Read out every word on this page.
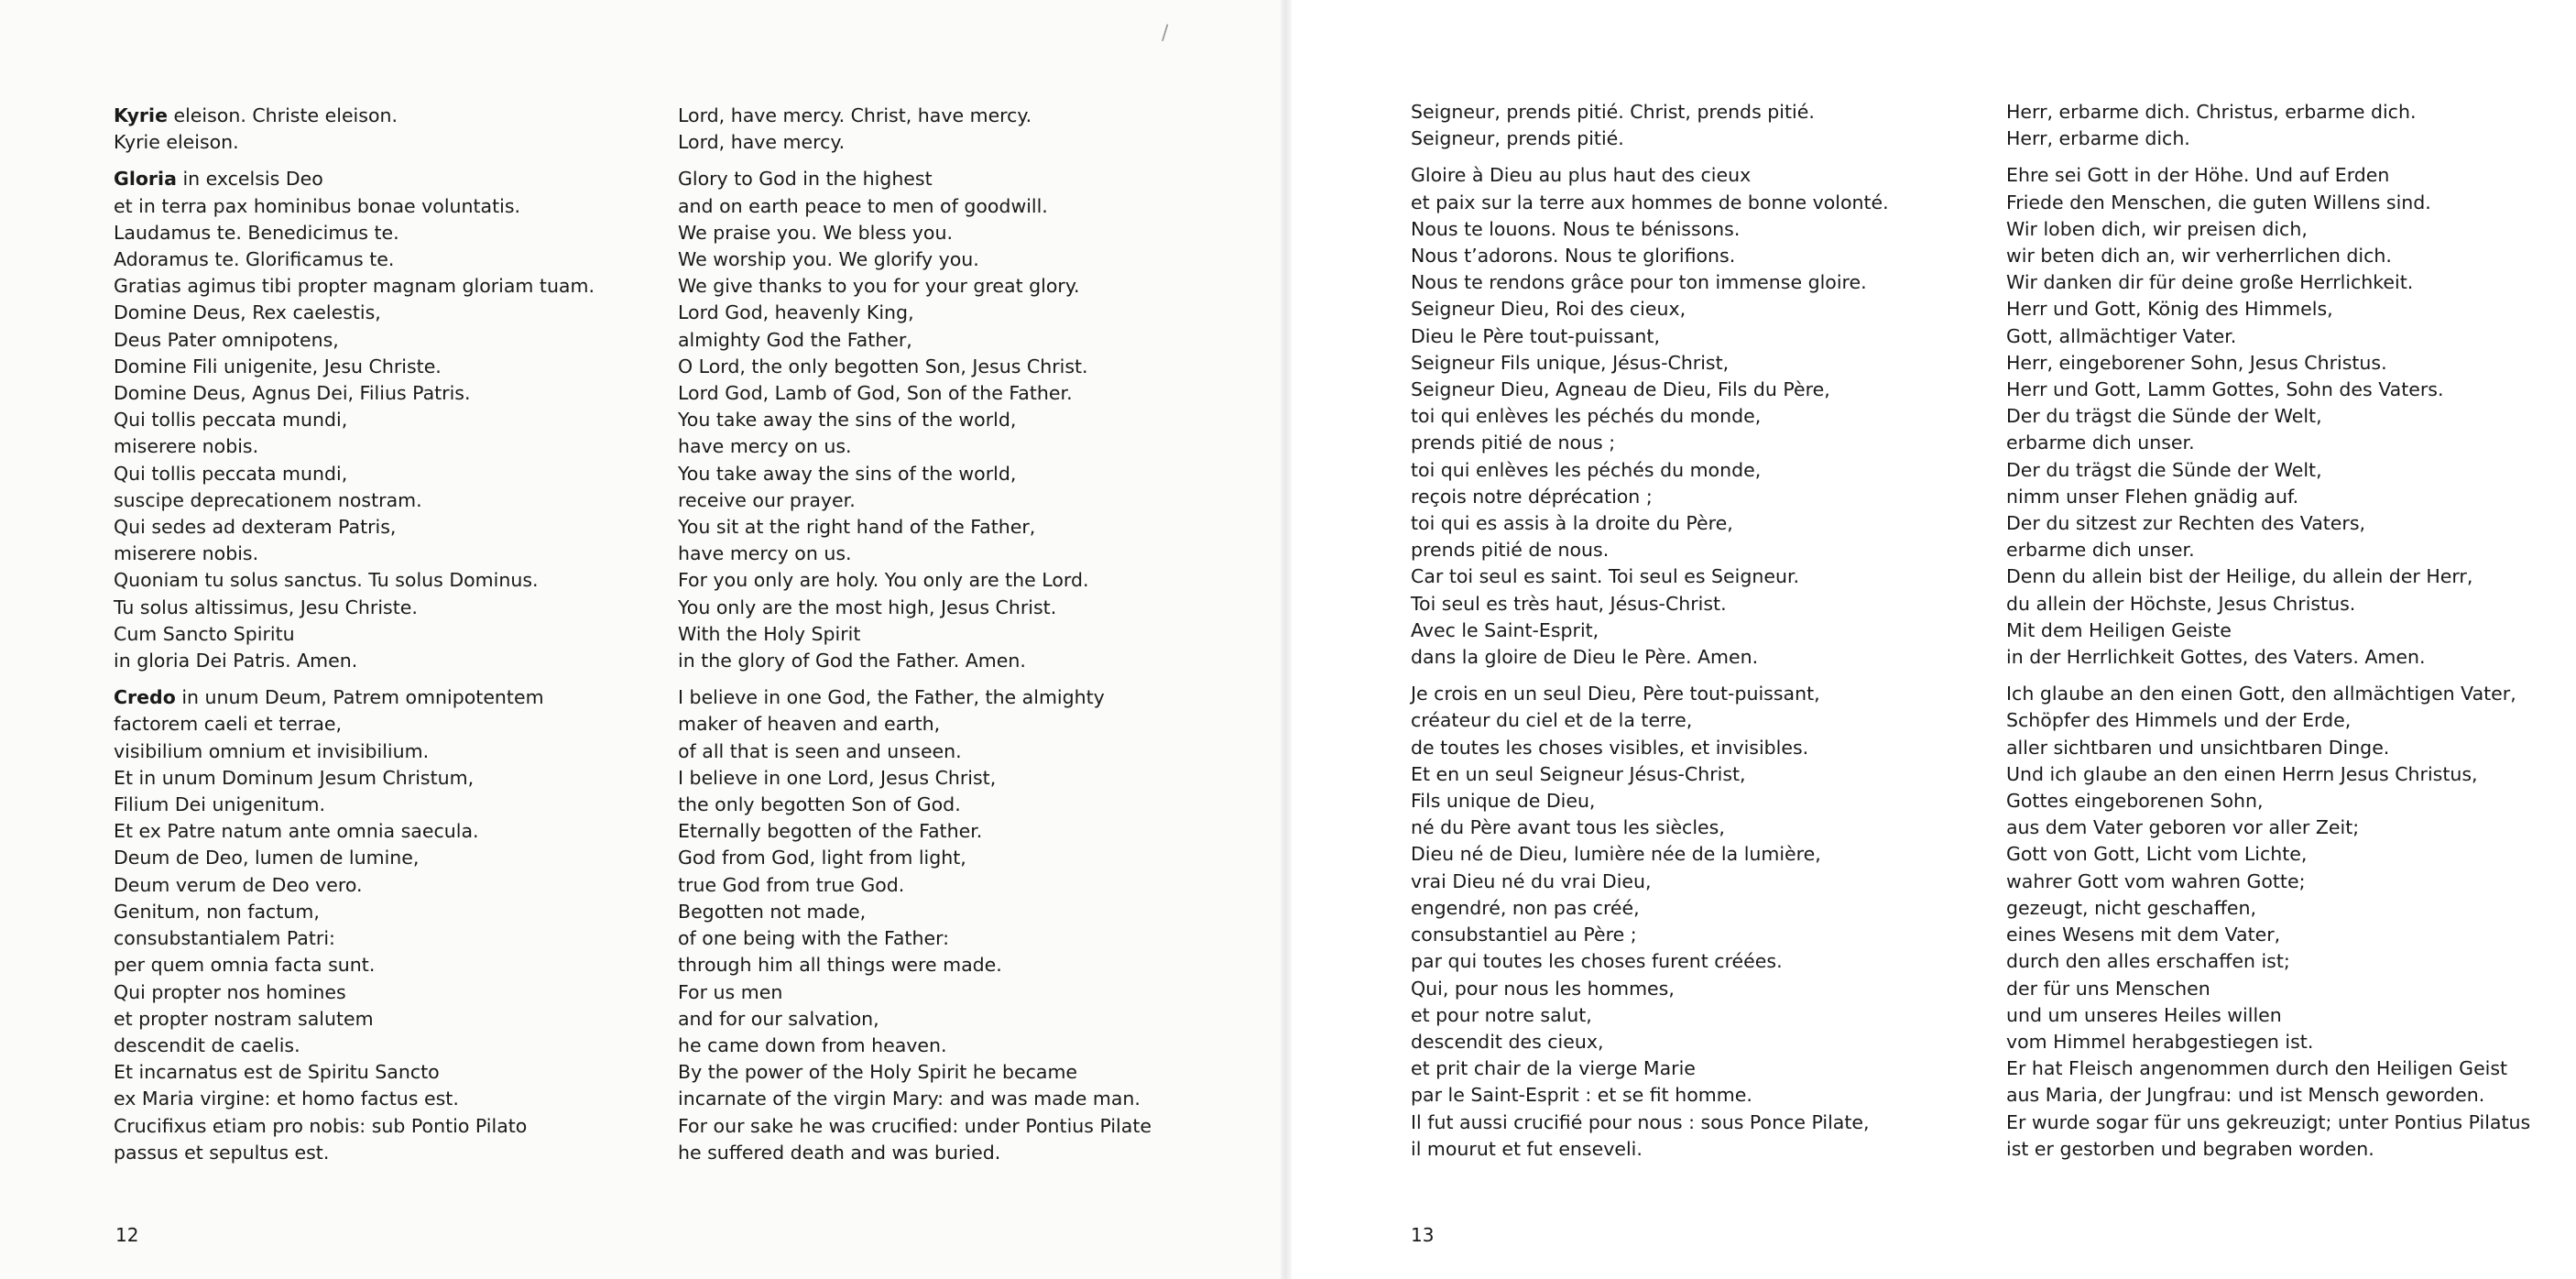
Kyrie eleison. Christe eleison.
Kyrie eleison.
Gloria in excelsis Deo
et in terra pax hominibus bonae voluntatis.
Laudamus te. Benedicimus te.
Adoramus te. Glorificamus te.
Gratias agimus tibi propter magnam gloriam tuam.
Domine Deus, Rex caelestis,
Deus Pater omnipotens,
Domine Fili unigenite, Jesu Christe.
Domine Deus, Agnus Dei, Filius Patris.
Qui tollis peccata mundi,
miserere nobis.
Qui tollis peccata mundi,
suscipe deprecationem nostram.
Qui sedes ad dexteram Patris,
miserere nobis.
Quoniam tu solus sanctus. Tu solus Dominus.
Tu solus altissimus, Jesu Christe.
Cum Sancto Spiritu
in gloria Dei Patris. Amen.
Credo in unum Deum, Patrem omnipotentem
factorem caeli et terrae,
visibilium omnium et invisibilium.
Et in unum Dominum Jesum Christum,
Filium Dei unigenitum.
Et ex Patre natum ante omnia saecula.
Deum de Deo, lumen de lumine,
Deum verum de Deo vero.
Genitum, non factum,
consubstantialem Patri:
per quem omnia facta sunt.
Qui propter nos homines
et propter nostram salutem
descendit de caelis.
Et incarnatus est de Spiritu Sancto
ex Maria virgine: et homo factus est.
Crucifixus etiam pro nobis: sub Pontio Pilato
passus et sepultus est.
Lord, have mercy. Christ, have mercy.
Lord, have mercy.
Glory to God in the highest
and on earth peace to men of goodwill.
We praise you. We bless you.
We worship you. We glorify you.
We give thanks to you for your great glory.
Lord God, heavenly King,
almighty God the Father,
O Lord, the only begotten Son, Jesus Christ.
Lord God, Lamb of God, Son of the Father.
You take away the sins of the world,
have mercy on us.
You take away the sins of the world,
receive our prayer.
You sit at the right hand of the Father,
have mercy on us.
For you only are holy. You only are the Lord.
You only are the most high, Jesus Christ.
With the Holy Spirit
in the glory of God the Father. Amen.
I believe in one God, the Father, the almighty
maker of heaven and earth,
of all that is seen and unseen.
I believe in one Lord, Jesus Christ,
the only begotten Son of God.
Eternally begotten of the Father.
God from God, light from light,
true God from true God.
Begotten not made,
of one being with the Father:
through him all things were made.
For us men
and for our salvation,
he came down from heaven.
By the power of the Holy Spirit he became
incarnate of the virgin Mary: and was made man.
For our sake he was crucified: under Pontius Pilate
he suffered death and was buried.
12
/
Seigneur, prends pitié. Christ, prends pitié.
Seigneur, prends pitié.
Gloire à Dieu au plus haut des cieux
et paix sur la terre aux hommes de bonne volonté.
Nous te louons. Nous te bénissons.
Nous t’adorons. Nous te glorifions.
Nous te rendons grâce pour ton immense gloire.
Seigneur Dieu, Roi des cieux,
Dieu le Père tout-puissant,
Seigneur Fils unique, Jésus-Christ,
Seigneur Dieu, Agneau de Dieu, Fils du Père,
toi qui enlèves les péchés du monde,
prends pitié de nous ;
toi qui enlèves les péchés du monde,
reçois notre déprécation ;
toi qui es assis à la droite du Père,
prends pitié de nous.
Car toi seul es saint. Toi seul es Seigneur.
Toi seul es très haut, Jésus-Christ.
Avec le Saint-Esprit,
dans la gloire de Dieu le Père. Amen.
Je crois en un seul Dieu, Père tout-puissant,
créateur du ciel et de la terre,
de toutes les choses visibles, et invisibles.
Et en un seul Seigneur Jésus-Christ,
Fils unique de Dieu,
né du Père avant tous les siècles,
Dieu né de Dieu, lumière née de la lumière,
vrai Dieu né du vrai Dieu,
engendré, non pas créé,
consubstantiel au Père ;
par qui toutes les choses furent créées.
Qui, pour nous les hommes,
et pour notre salut,
descendit des cieux,
et prit chair de la vierge Marie
par le Saint-Esprit : et se fit homme.
Il fut aussi crucifié pour nous : sous Ponce Pilate,
il mourut et fut enseveli.
Herr, erbarme dich. Christus, erbarme dich.
Herr, erbarme dich.
Ehre sei Gott in der Höhe. Und auf Erden
Friede den Menschen, die guten Willens sind.
Wir loben dich, wir preisen dich,
wir beten dich an, wir verherrlichen dich.
Wir danken dir für deine große Herrlichkeit.
Herr und Gott, König des Himmels,
Gott, allmächtiger Vater.
Herr, eingeborener Sohn, Jesus Christus.
Herr und Gott, Lamm Gottes, Sohn des Vaters.
Der du trägst die Sünde der Welt,
erbarme dich unser.
Der du trägst die Sünde der Welt,
nimm unser Flehen gnädig auf.
Der du sitzest zur Rechten des Vaters,
erbarme dich unser.
Denn du allein bist der Heilige, du allein der Herr,
du allein der Höchste, Jesus Christus.
Mit dem Heiligen Geiste
in der Herrlichkeit Gottes, des Vaters. Amen.
Ich glaube an den einen Gott, den allmächtigen Vater,
Schöpfer des Himmels und der Erde,
aller sichtbaren und unsichtbaren Dinge.
Und ich glaube an den einen Herrn Jesus Christus,
Gottes eingeborenen Sohn,
aus dem Vater geboren vor aller Zeit;
Gott von Gott, Licht vom Lichte,
wahrer Gott vom wahren Gotte;
gezeugt, nicht geschaffen,
eines Wesens mit dem Vater,
durch den alles erschaffen ist;
der für uns Menschen
und um unseres Heiles willen
vom Himmel herabgestiegen ist.
Er hat Fleisch angenommen durch den Heiligen Geist
aus Maria, der Jungfrau: und ist Mensch geworden.
Er wurde sogar für uns gekreuzigt; unter Pontius Pilatus
ist er gestorben und begraben worden.
13
